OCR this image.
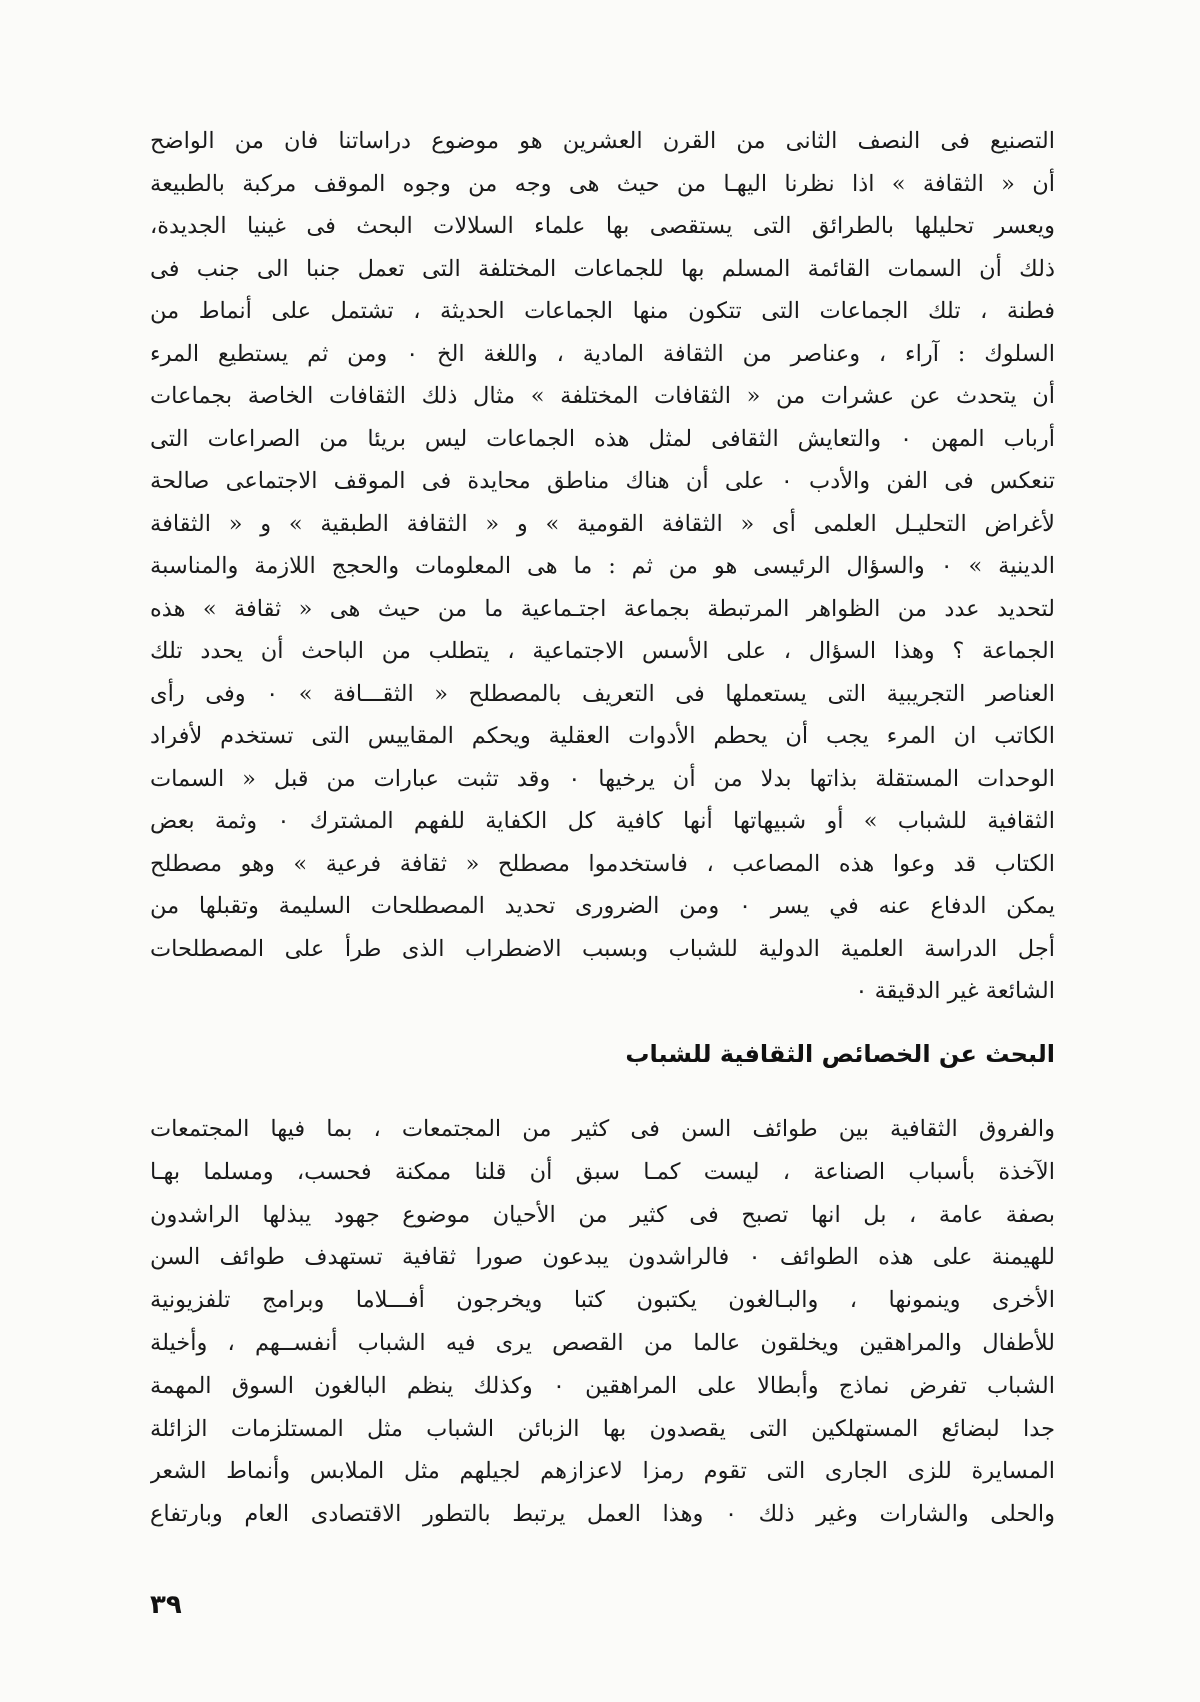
التصنيع فى النصف الثانى من القرن العشرين هو موضوع دراساتنا فان من الواضح
أن « الثقافة » اذا نظرنا اليهـا من حيث هى وجه من وجوه الموقف مركبة بالطبيعة
ويعسر تحليلها بالطرائق التى يستقصى بها علماء السلالات البحث فى غينيا الجديدة،
ذلك أن السمات القائمة المسلم بها للجماعات المختلفة التى تعمل جنبا الى جنب فى
فطنة ، تلك الجماعات التى تتكون منها الجماعات الحديثة ، تشتمل على أنماط من
السلوك : آراء ، وعناصر من الثقافة المادية ، واللغة الخ ٠ ومن ثم يستطيع المرء
أن يتحدث عن عشرات من « الثقافات المختلفة » مثال ذلك الثقافات الخاصة بجماعات
أرباب المهن ٠ والتعايش الثقافى لمثل هذه الجماعات ليس بريئا من الصراعات التى
تنعكس فى الفن والأدب ٠ على أن هناك مناطق محايدة فى الموقف الاجتماعى صالحة
لأغراض التحليـل العلمى أى « الثقافة القومية » و « الثقافة الطبقية » و « الثقافة
الدينية » ٠ والسؤال الرئيسى هو من ثم : ما هى المعلومات والحجج اللازمة والمناسبة
لتحديد عدد من الظواهر المرتبطة بجماعة اجتـماعية ما من حيث هى « ثقافة » هذه
الجماعة ؟ وهذا السؤال ، على الأسس الاجتماعية ، يتطلب من الباحث أن يحدد تلك
العناصر التجريبية التى يستعملها فى التعريف بالمصطلح « الثقـــافة » ٠ وفى رأى
الكاتب ان المرء يجب أن يحطم الأدوات العقلية ويحكم المقاييس التى تستخدم لأفراد
الوحدات المستقلة بذاتها بدلا من أن يرخيها ٠ وقد تثبت عبارات من قبل « السمات
الثقافية للشباب » أو شبيهاتها أنها كافية كل الكفاية للفهم المشترك ٠ وثمة بعض
الكتاب قد وعوا هذه المصاعب ، فاستخدموا مصطلح « ثقافة فرعية » وهو مصطلح
يمكن الدفاع عنه في يسر ٠ ومن الضرورى تحديد المصطلحات السليمة وتقبلها من
أجل الدراسة العلمية الدولية للشباب وبسبب الاضطراب الذى طرأ على المصطلحات
الشائعة غير الدقيقة ٠
البحث عن الخصائص الثقافية للشباب
والفروق الثقافية بين طوائف السن فى كثير من المجتمعات ، بما فيها المجتمعات
الآخذة بأسباب الصناعة ، ليست كمـا سبق أن قلنا ممكنة فحسب، ومسلما بهـا
بصفة عامة ، بل انها تصبح فى كثير من الأحيان موضوع جهود يبذلها الراشدون
للهيمنة على هذه الطوائف ٠ فالراشدون يبدعون صورا ثقافية تستهدف طوائف السن
الأخرى وينمونها ، والبـالغون يكتبون كتبا ويخرجون أفـــلاما وبرامج تلفزيونية
للأطفال والمراهقين ويخلقون عالما من القصص يرى فيه الشباب أنفســهم ، وأخيلة
الشباب تفرض نماذج وأبطالا على المراهقين ٠ وكذلك ينظم البالغون السوق المهمة
جدا لبضائع المستهلكين التى يقصدون بها الزبائن الشباب مثل المستلزمات الزائلة
المسايرة للزى الجارى التى تقوم رمزا لاعزازهم لجيلهم مثل الملابس وأنماط الشعر
والحلى والشارات وغير ذلك ٠ وهذا العمل يرتبط بالتطور الاقتصادى العام وبارتفاع
٣٩
